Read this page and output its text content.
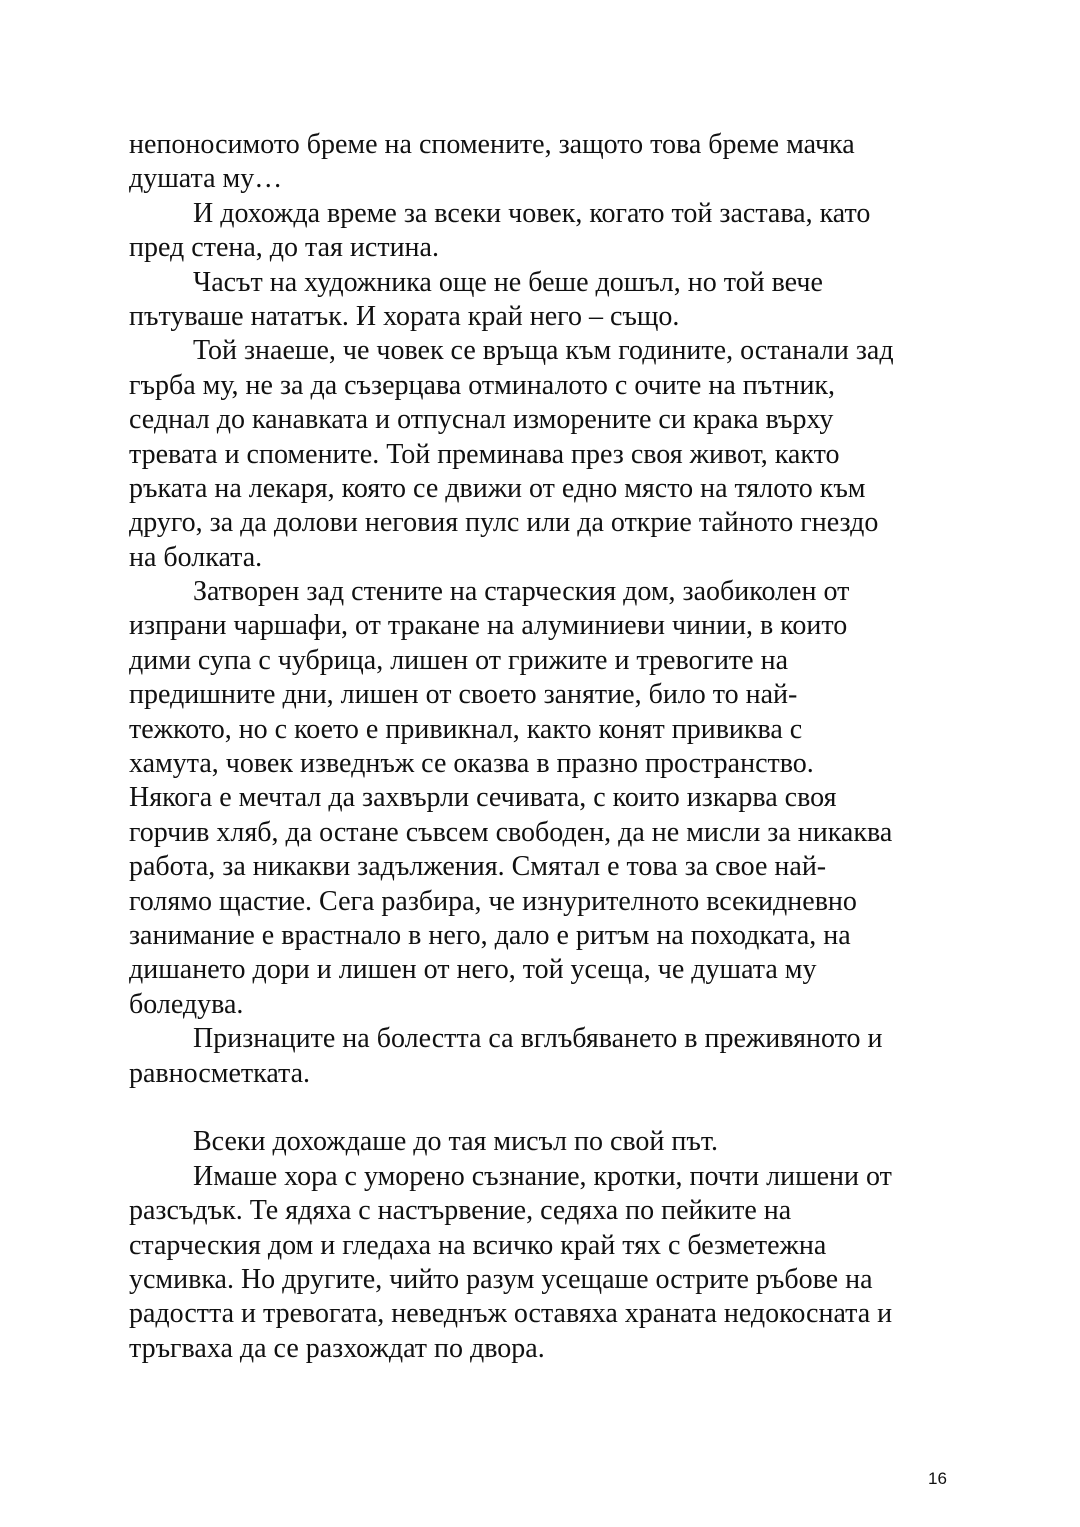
непоносимото бреме на спомените, защото това бреме мачка
душата му…
И дохожда време за всеки човек, когато той застава, като
пред стена, до тая истина.
Часът на художника още не беше дошъл, но той вече
пътуваше нататък. И хората край него – също.
Той знаеше, че човек се връща към годините, останали зад
гърба му, не за да съзерцава отминалото с очите на пътник,
седнал до канавката и отпуснал изморените си крака върху
тревата и спомените. Той преминава през своя живот, както
ръката на лекаря, която се движи от едно място на тялото към
друго, за да долови неговия пулс или да открие тайното гнездо
на болката.
Затворен зад стените на старческия дом, заобиколен от
изпрани чаршафи, от тракане на алуминиеви чинии, в които
дими супа с чубрица, лишен от грижите и тревогите на
предишните дни, лишен от своето занятие, било то най-
тежкото, но с което е привикнал, както конят привиква с
хамута, човек изведнъж се оказва в празно пространство.
Някога е мечтал да захвърли сечивата, с които изкарва своя
горчив хляб, да остане съвсем свободен, да не мисли за никаква
работа, за никакви задължения. Смятал е това за свое най-
голямо щастие. Сега разбира, че изнурителното всекидневно
занимание е врастнало в него, дало е ритъм на походката, на
дишането дори и лишен от него, той усеща, че душата му
боледува.
Признаците на болестта са вглъбяването в преживяното и
равносметката.
Всеки дохождаше до тая мисъл по свой път.
Имаше хора с уморено съзнание, кротки, почти лишени от
разсъдък. Те ядяха с настървение, седяха по пейките на
старческия дом и гледаха на всичко край тях с безметежна
усмивка. Но другите, чийто разум усещаше острите ръбове на
радостта и тревогата, неведнъж оставяха храната недокосната и
тръгваха да се разхождат по двора.
16
